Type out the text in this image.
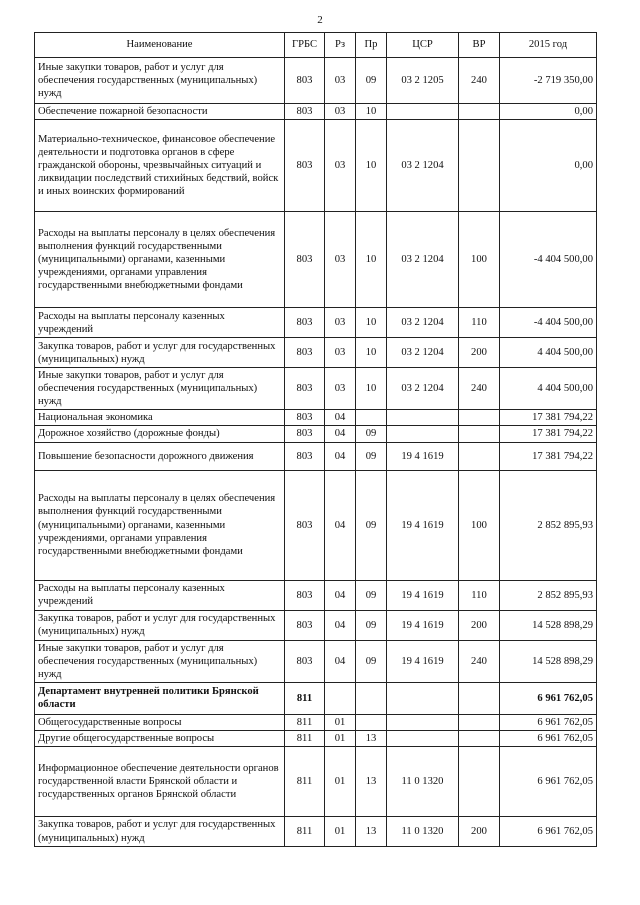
2
Наименование	ГРБС	Рз	Пр	ЦСР	ВР	2015 год
Иные закупки товаров, работ и услуг для обеспечения государственных (муниципальных) нужд	803	03	09	03 2 1205	240	-2 719 350,00
Обеспечение пожарной безопасности	803	03	10			0,00
Материально-техническое, финансовое обеспечение деятельности и подготовка органов в сфере гражданской обороны, чрезвычайных ситуаций и ликвидации последствий стихийных бедствий, войск и иных воинских формирований	803	03	10	03 2 1204		0,00
Расходы на выплаты персоналу в целях обеспечения выполнения функций государственными (муниципальными) органами, казенными учреждениями, органами управления государственными внебюджетными фондами	803	03	10	03 2 1204	100	-4 404 500,00
Расходы на выплаты персоналу казенных учреждений	803	03	10	03 2 1204	110	-4 404 500,00
Закупка товаров, работ и услуг для государственных (муниципальных) нужд	803	03	10	03 2 1204	200	4 404 500,00
Иные закупки товаров, работ и услуг для обеспечения государственных (муниципальных) нужд	803	03	10	03 2 1204	240	4 404 500,00
Национальная экономика	803	04				17 381 794,22
Дорожное хозяйство (дорожные фонды)	803	04	09			17 381 794,22
Повышение безопасности дорожного движения	803	04	09	19 4 1619		17 381 794,22
Расходы на выплаты персоналу в целях обеспечения выполнения функций государственными (муниципальными) органами, казенными учреждениями, органами управления государственными внебюджетными фондами	803	04	09	19 4 1619	100	2 852 895,93
Расходы на выплаты персоналу казенных учреждений	803	04	09	19 4 1619	110	2 852 895,93
Закупка товаров, работ и услуг для государственных (муниципальных) нужд	803	04	09	19 4 1619	200	14 528 898,29
Иные закупки товаров, работ и услуг для обеспечения государственных (муниципальных) нужд	803	04	09	19 4 1619	240	14 528 898,29
Департамент внутренней политики Брянской области	811					6 961 762,05
Общегосударственные вопросы	811	01				6 961 762,05
Другие общегосударственные вопросы	811	01	13			6 961 762,05
Информационное обеспечение деятельности органов государственной власти Брянской области и государственных органов Брянской области	811	01	13	11 0 1320		6 961 762,05
Закупка товаров, работ и услуг для государственных (муниципальных) нужд	811	01	13	11 0 1320	200	6 961 762,05
